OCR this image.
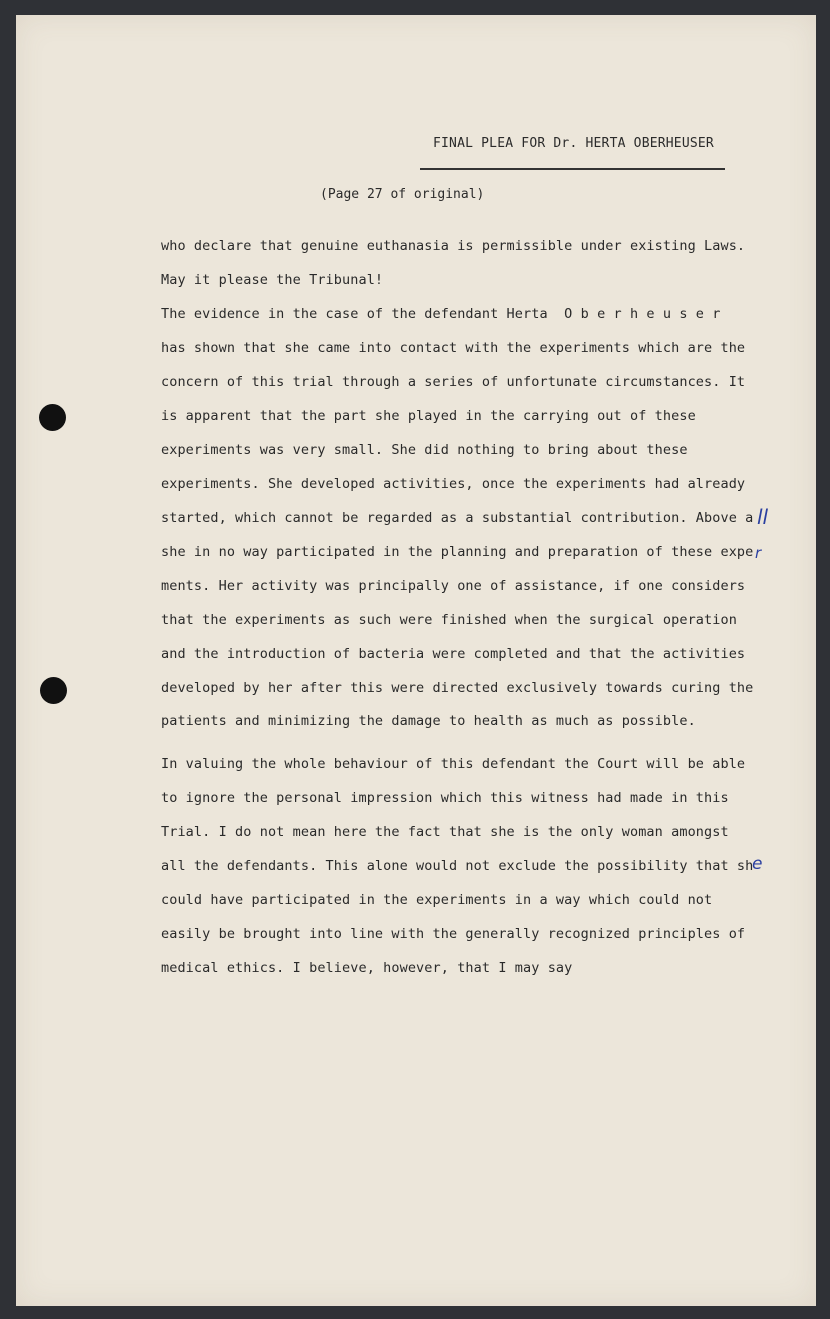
FINAL PLEA FOR Dr. HERTA OBERHEUSER
(Page 27 of original)
who declare that genuine euthanasia is permissible under existing Laws.
May it please the Tribunal!
The evidence in the case of the defendant Herta  O b e r h e u s e r
has shown that she came into contact with the experiments which are the
concern of this trial through a series of unfortunate circumstances. It
is apparent that the part she played in the carrying out of these
experiments was very small. She did nothing to bring about these
experiments. She developed activities, once the experiments had already
started, which cannot be regarded as a substantial contribution. Above a
she in no way participated in the planning and preparation of these expe
ments. Her activity was principally one of assistance, if one considers
that the experiments as such were finished when the surgical operation
and the introduction of bacteria were completed and that the activities
developed by her after this were directed exclusively towards curing the
patients and minimizing the damage to health as much as possible.
In valuing the whole behaviour of this defendant the Court will be able
to ignore the personal impression which this witness had made in this
Trial. I do not mean here the fact that she is the only woman amongst
all the defendants. This alone would not exclude the possibility that sh
could have participated in the experiments in a way which could not
easily be brought into line with the generally recognized principles of
medical ethics. I believe, however, that I may say
ll
r
e
